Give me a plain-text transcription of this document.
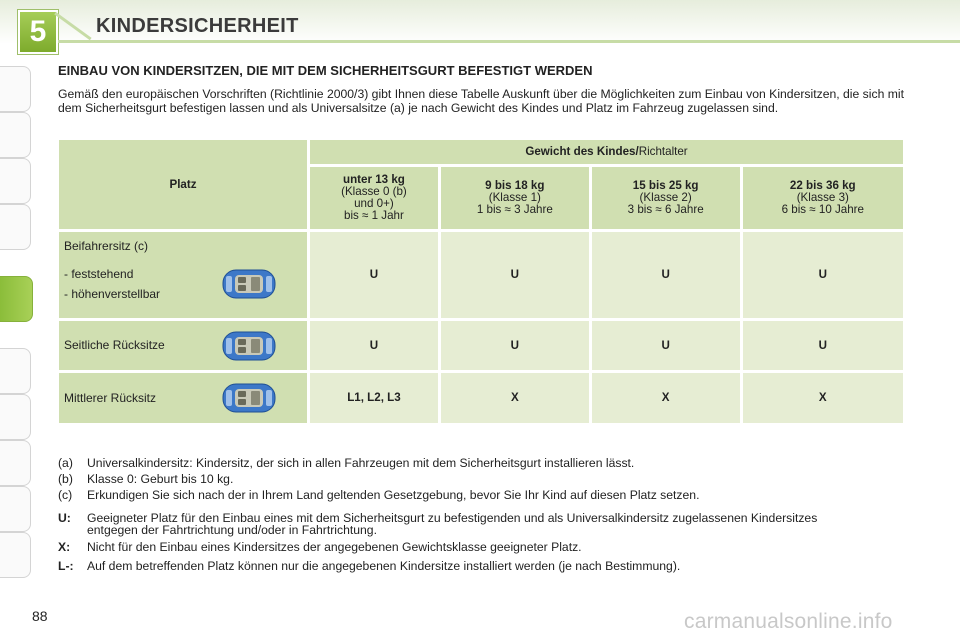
5	KINDERSICHERHEIT
EINBAU VON KINDERSITZEN, DIE MIT DEM SICHERHEITSGURT BEFESTIGT WERDEN
Gemäß den europäischen Vorschriften (Richtlinie 2000/3) gibt Ihnen diese Tabelle Auskunft über die Möglichkeiten zum Einbau von Kindersitzen, die sich mit dem Sicherheitsgurt befestigen lassen und als Universalsitze (a) je nach Gewicht des Kindes und Platz im Fahrzeug zugelassen sind.
Platz	Gewicht des Kindes/Richtalter			

	unter 13 kg
(Klasse 0 (b)
und 0+)
bis ≈ 1 Jahr	9 bis 18 kg
(Klasse 1)
1 bis ≈ 3 Jahre	15 bis 25 kg
(Klasse 2)
3 bis ≈ 6 Jahre	22 bis 36 kg
(Klasse 3)
6 bis ≈ 10 Jahre

Beifahrersitz (c)
- feststehend
- höhenverstellbar	U	U	U	U
Seitliche Rücksitze	U	U	U	U
Mittlerer Rücksitz	L1, L2, L3	X	X	X
(a)	Universalkindersitz: Kindersitz, der sich in allen Fahrzeugen mit dem Sicherheitsgurt installieren lässt.
(b)	Klasse 0: Geburt bis 10 kg.
(c)	Erkundigen Sie sich nach der in Ihrem Land geltenden Gesetzgebung, bevor Sie Ihr Kind auf diesen Platz setzen.
U:	Geeigneter Platz für den Einbau eines mit dem Sicherheitsgurt zu befestigenden und als Universalkindersitz zugelassenen Kindersitzes entgegen der Fahrtrichtung und/oder in Fahrtrichtung.
X:	Nicht für den Einbau eines Kindersitzes der angegebenen Gewichtsklasse geeigneter Platz.
L-:	Auf dem betreffenden Platz können nur die angegebenen Kindersitze installiert werden (je nach Bestimmung).
88	carmanualsonline.info
